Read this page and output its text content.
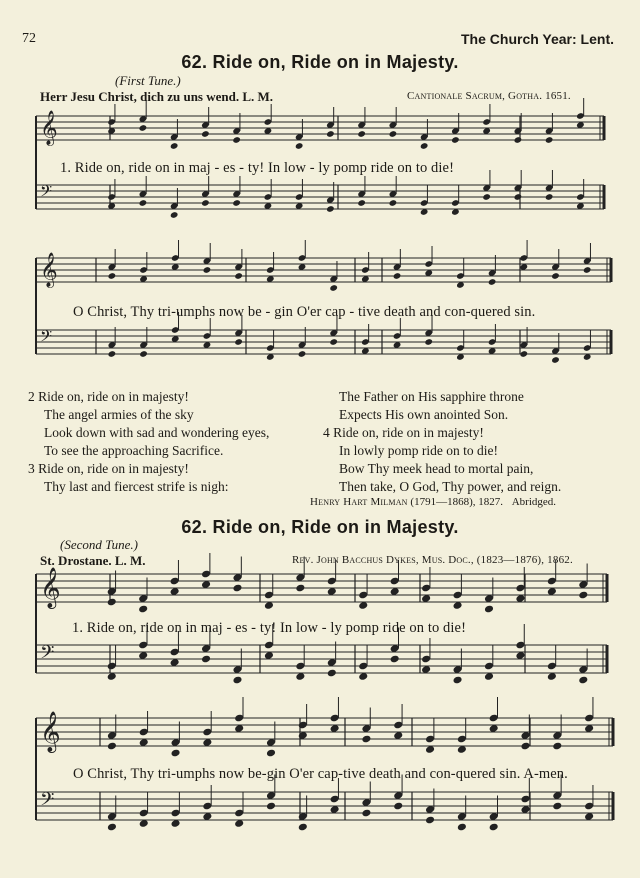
72	The Church Year: Lent.
62. Ride on, Ride on in Majesty.
(First Tune.)
Herr Jesu Christ, dich zu uns wend. L. M.	Cantionale Sacrum, Gotha. 1651.
1. Ride on, ride on in maj - es - ty! In low - ly pomp ride on to die!
O Christ, Thy tri-umphs now be - gin O'er cap - tive death and con-quered sin.
2 Ride on, ride on in majesty!
The angel armies of the sky
Look down with sad and wondering eyes,
To see the approaching Sacrifice.
3 Ride on, ride on in majesty!
Thy last and fiercest strife is nigh:
The Father on His sapphire throne
Expects His own anointed Son.
4 Ride on, ride on in majesty!
In lowly pomp ride on to die!
Bow Thy meek head to mortal pain,
Then take, O God, Thy power, and reign.
Henry Hart Milman (1791—1868), 1827. Abridged.
62. Ride on, Ride on in Majesty.
(Second Tune.)
St. Drostane. L. M.	Rev. John Bacchus Dykes, Mus. Doc., (1823—1876), 1862.
1. Ride on, ride on in maj - es - ty! In low - ly pomp ride on to die!
O Christ, Thy tri-umphs now be-gin O'er cap-tive death and con-quered sin. A-men.
𝄞
𝄢
𝄞
𝄢
𝄞
𝄢
𝄞
𝄢
